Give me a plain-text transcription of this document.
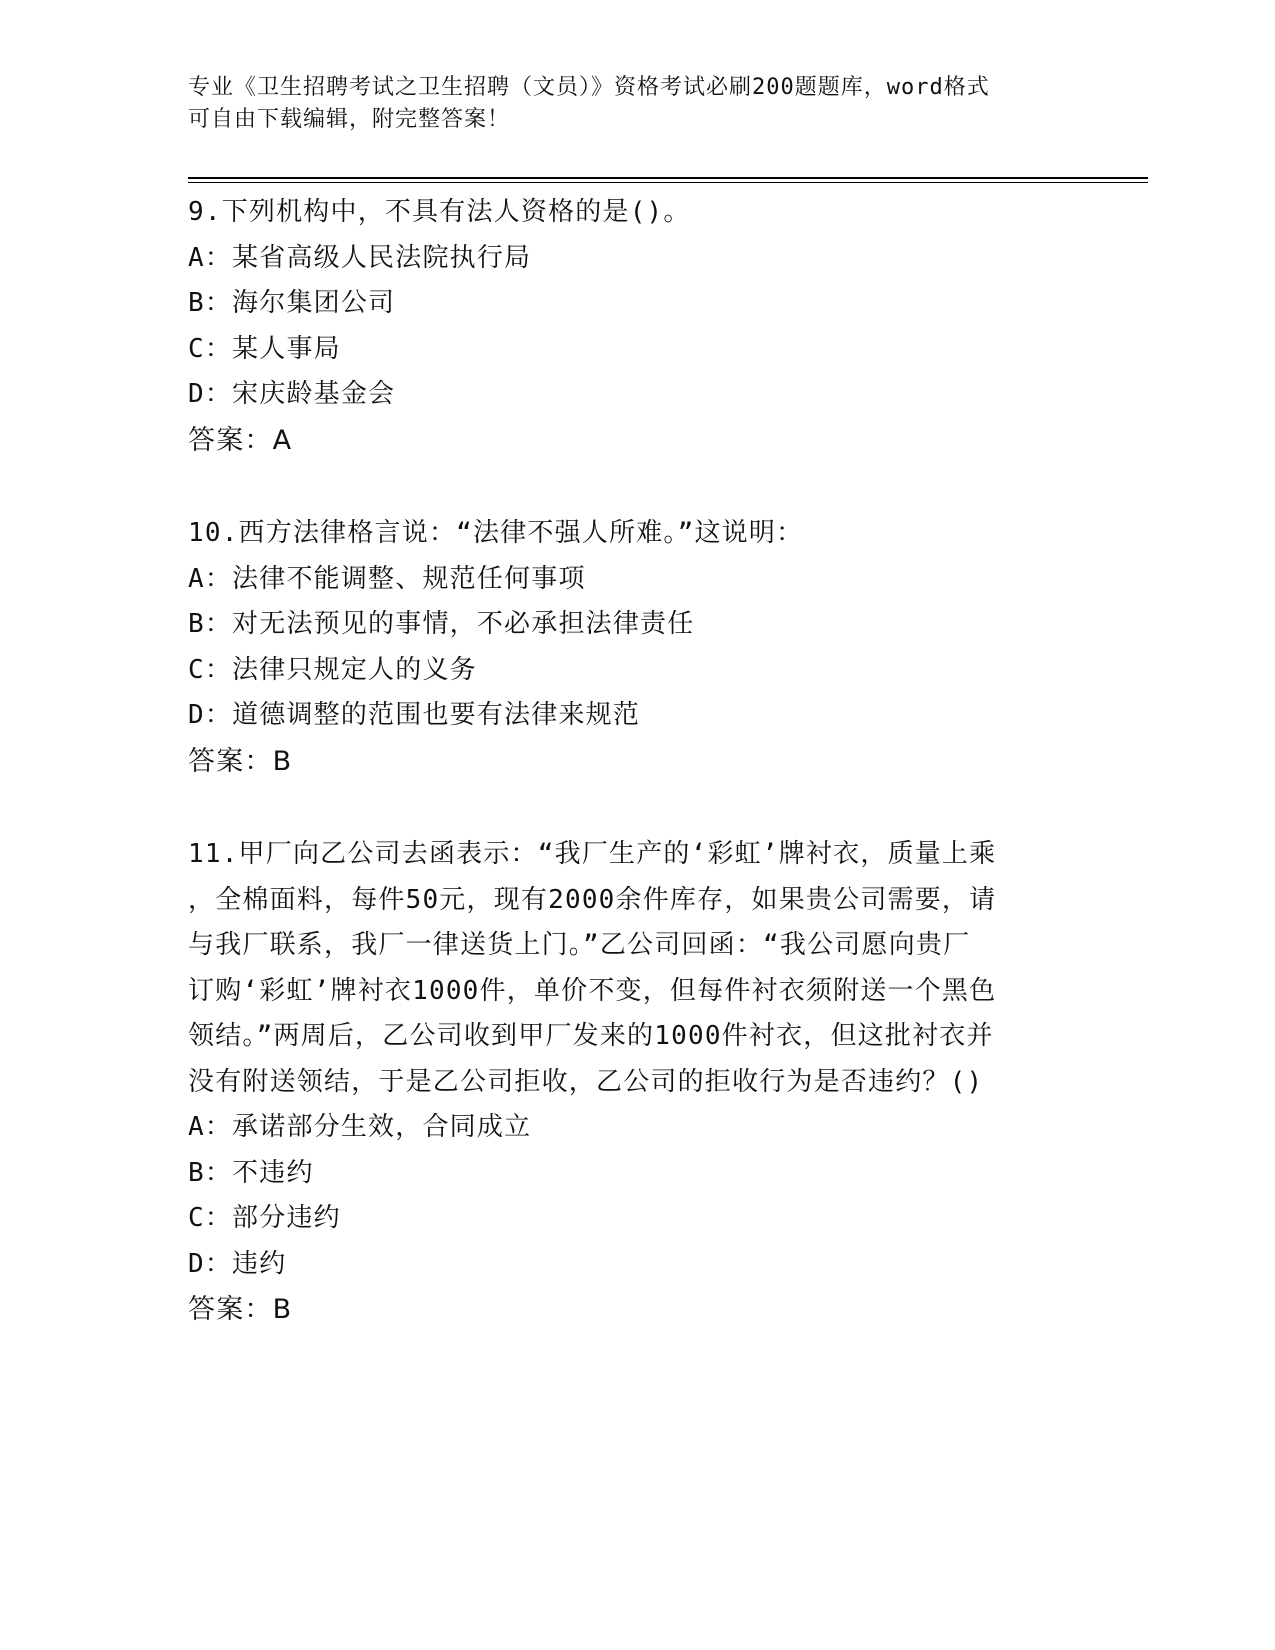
专业《卫生招聘考试之卫生招聘（文员）》资格考试必刷200题题库，word格式
可自由下载编辑，附完整答案！
9.下列机构中，不具有法人资格的是()。
A：某省高级人民法院执行局
B：海尔集团公司
C：某人事局
D：宋庆龄基金会
答案：A
10.西方法律格言说：“法律不强人所难。”这说明：
A：法律不能调整、规范任何事项
B：对无法预见的事情，不必承担法律责任
C：法律只规定人的义务
D：道德调整的范围也要有法律来规范
答案：B
11.甲厂向乙公司去函表示：“我厂生产的‘彩虹’牌衬衣，质量上乘
，全棉面料，每件50元，现有2000余件库存，如果贵公司需要，请
与我厂联系，我厂一律送货上门。”乙公司回函：“我公司愿向贵厂
订购‘彩虹’牌衬衣1000件，单价不变，但每件衬衣须附送一个黑色
领结。”两周后，乙公司收到甲厂发来的1000件衬衣，但这批衬衣并
没有附送领结，于是乙公司拒收，乙公司的拒收行为是否违约？()
A：承诺部分生效，合同成立
B：不违约
C：部分违约
D：违约
答案：B
